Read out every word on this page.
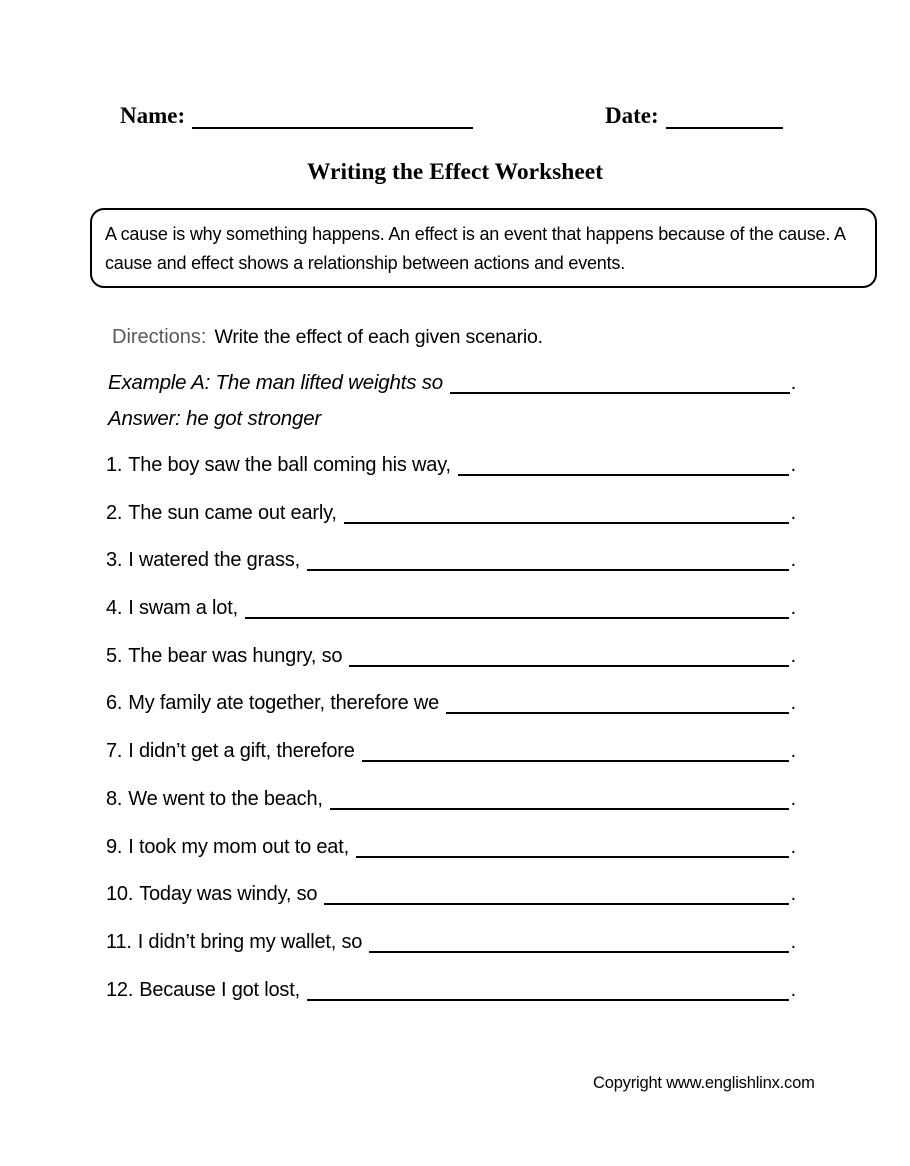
Name:	Date:
Writing the Effect Worksheet
A cause is why something happens. An effect is an event that happens because of the cause. A cause and effect shows a relationship between actions and events.
Directions: Write the effect of each given scenario.
Example A: The man lifted weights so	.
Answer: he got stronger
1. The boy saw the ball coming his way,	.
2. The sun came out early,	.
3. I watered the grass,	.
4. I swam a lot,	.
5. The bear was hungry, so	.
6. My family ate together, therefore we	.
7. I didn’t get a gift, therefore	.
8. We went to the beach,	.
9. I took my mom out to eat,	.
10. Today was windy, so	.
11. I didn’t bring my wallet, so	.
12. Because I got lost,	.
Copyright www.englishlinx.com
